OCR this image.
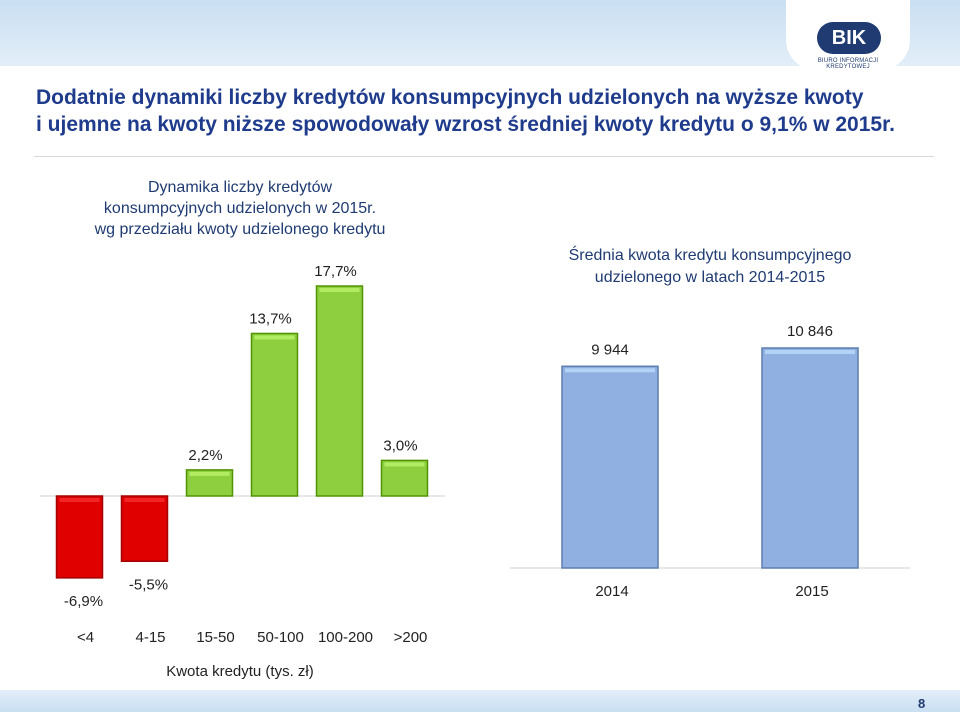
BIK
BIURO INFORMACJI KREDYTOWEJ
Dodatnie dynamiki liczby kredytów konsumpcyjnych udzielonych na wyższe kwoty
i ujemne na kwoty niższe spowodowały wzrost średniej kwoty kredytu o 9,1% w 2015r.
Dynamika liczby kredytów
konsumpcyjnych udzielonych w 2015r.
wg przedziału kwoty udzielonego kredytu
-6,9%
-5,5%
2,2%
13,7%
17,7%
3,0%
<4	4-15 15-50 50-100 100-200 >200
Kwota kredytu (tys. zł)
Średnia kwota kredytu konsumpcyjnego
udzielonego w latach 2014-2015
9 944
10 846
2014	2015
8
